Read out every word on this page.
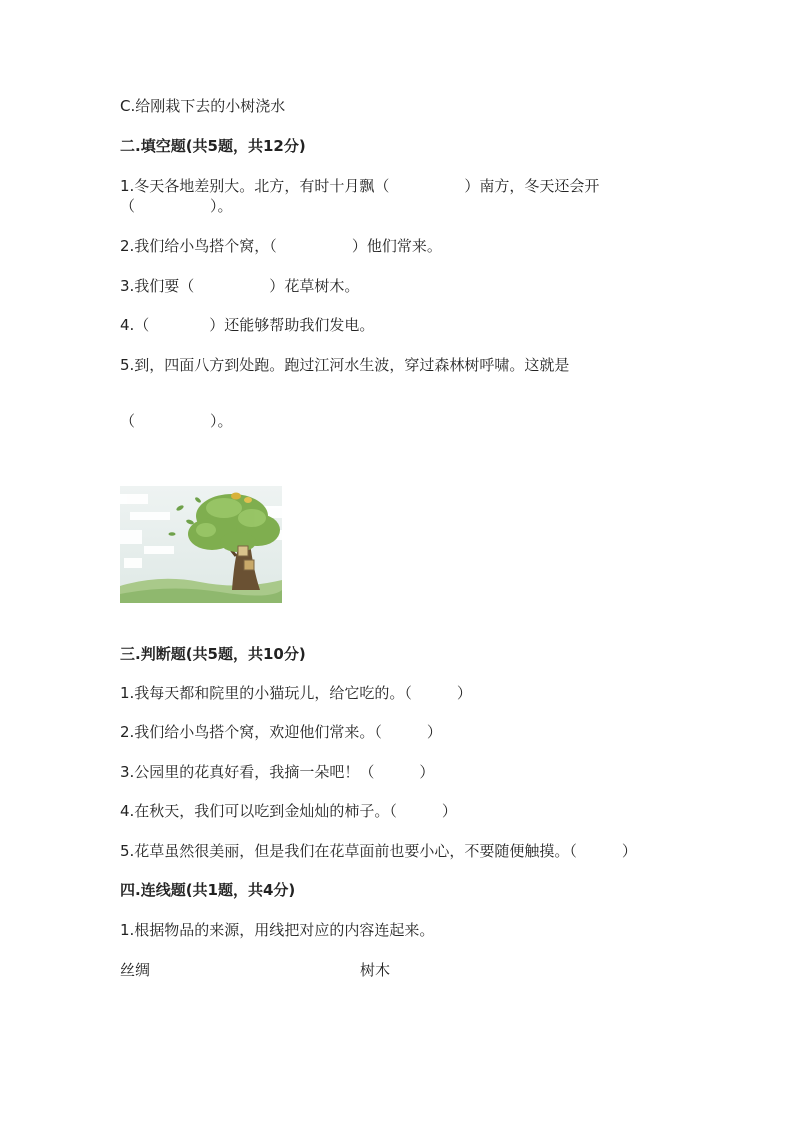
C.给刚栽下去的小树浇水
二.填空题(共5题，共12分)
1.冬天各地差别大。北方，有时十月飘（　　　　　）南方，冬天还会开
（　　　　　）。
2.我们给小鸟搭个窝，（　　　　　）他们常来。
3.我们要（　　　　　）花草树木。
4.（　　　　）还能够帮助我们发电。
5.到，四面八方到处跑。跑过江河水生波，穿过森林树呼啸。这就是
（　　　　　）。
三.判断题(共5题，共10分)
1.我每天都和院里的小猫玩儿，给它吃的。（　　　）
2.我们给小鸟搭个窝，欢迎他们常来。（　　　）
3.公园里的花真好看，我摘一朵吧！（　　　）
4.在秋天，我们可以吃到金灿灿的柿子。（　　　）
5.花草虽然很美丽，但是我们在花草面前也要小心，不要随便触摸。（　　　）
四.连线题(共1题，共4分)
1.根据物品的来源，用线把对应的内容连起来。
丝绸	树木
